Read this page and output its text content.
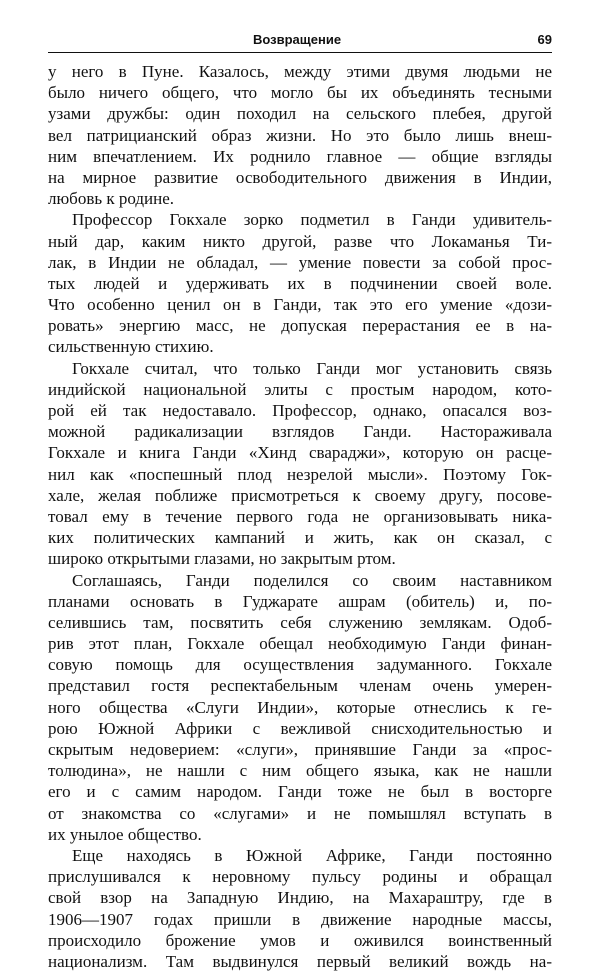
Возвращение	69
у него в Пуне. Казалось, между этими двумя людьми не
было ничего общего, что могло бы их объединять тесными
узами дружбы: один походил на сельского плебея, другой
вел патрицианский образ жизни. Но это было лишь внеш-
ним впечатлением. Их роднило главное — общие взгляды
на мирное развитие освободительного движения в Индии,
любовь к родине.
Профессор Гокхале зорко подметил в Ганди удивитель-
ный дар, каким никто другой, разве что Локаманья Ти-
лак, в Индии не обладал, — умение повести за собой прос-
тых людей и удерживать их в подчинении своей воле.
Что особенно ценил он в Ганди, так это его умение «дози-
ровать» энергию масс, не допуская перерастания ее в на-
сильственную стихию.
Гокхале считал, что только Ганди мог установить связь
индийской национальной элиты с простым народом, кото-
рой ей так недоставало. Профессор, однако, опасался воз-
можной радикализации взглядов Ганди. Настораживала
Гокхале и книга Ганди «Хинд свараджи», которую он расце-
нил как «поспешный плод незрелой мысли». Поэтому Гок-
хале, желая поближе присмотреться к своему другу, посове-
товал ему в течение первого года не организовывать никa-
ких политических кампаний и жить, как он сказал, с
широко открытыми глазами, но закрытым ртом.
Соглашаясь, Ганди поделился со своим наставником
планами основать в Гуджарате ашрам (обитель) и, по-
селившись там, посвятить себя служению землякам. Одоб-
рив этот план, Гокхале обещал необходимую Ганди финан-
совую помощь для осуществления задуманного. Гокхале
представил гостя респектабельным членам очень умерен-
ного общества «Слуги Индии», которые отнеслись к ге-
рою Южной Африки с вежливой снисходительностью и
скрытым недоверием: «слуги», принявшие Ганди за «прос-
толюдина», не нашли с ним общего языка, как не нашли
его и с самим народом. Ганди тоже не был в восторге
от знакомства со «слугами» и не помышлял вступать в
их унылое общество.
Еще находясь в Южной Африке, Ганди постоянно
прислушивался к неровному пульсу родины и обращал
свой взор на Западную Индию, на Махараштру, где в
1906—1907 годах пришли в движение народные массы,
происходило брожение умов и оживился воинственный
национализм. Там выдвинулся первый великий вождь на-
